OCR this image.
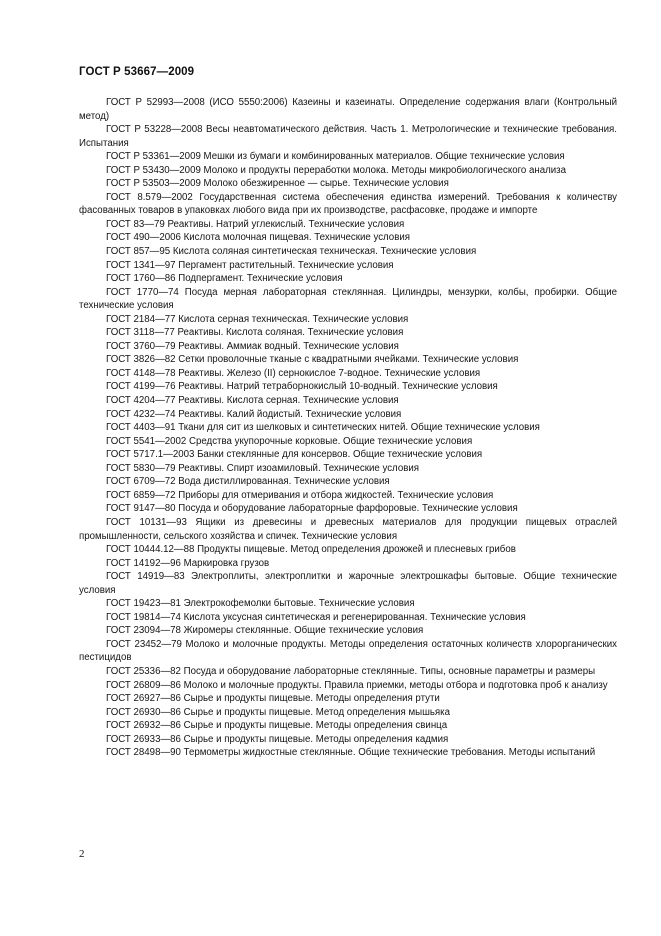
ГОСТ Р 53667—2009

ГОСТ Р 52993—2008 (ИСО 5550:2006) Казеины и казеинаты. Определение содержания влаги (Контрольный метод)

ГОСТ Р 53228—2008 Весы неавтоматического действия. Часть 1. Метрологические и технические требования. Испытания

ГОСТ Р 53361—2009 Мешки из бумаги и комбинированных материалов. Общие технические условия

ГОСТ Р 53430—2009 Молоко и продукты переработки молока. Методы микробиологического анализа

ГОСТ Р 53503—2009 Молоко обезжиренное — сырье. Технические условия

ГОСТ 8.579—2002 Государственная система обеспечения единства измерений. Требования к количеству фасованных товаров в упаковках любого вида при их производстве, расфасовке, продаже и импорте

ГОСТ 83—79 Реактивы. Натрий углекислый. Технические условия

ГОСТ 490—2006 Кислота молочная пищевая. Технические условия

ГОСТ 857—95 Кислота соляная синтетическая техническая. Технические условия

ГОСТ 1341—97 Пергамент растительный. Технические условия

ГОСТ 1760—86 Подпергамент. Технические условия

ГОСТ 1770—74 Посуда мерная лабораторная стеклянная. Цилиндры, мензурки, колбы, пробирки. Общие технические условия

ГОСТ 2184—77 Кислота серная техническая. Технические условия

ГОСТ 3118—77 Реактивы. Кислота соляная. Технические условия

ГОСТ 3760—79 Реактивы. Аммиак водный. Технические условия

ГОСТ 3826—82 Сетки проволочные тканые с квадратными ячейками. Технические условия

ГОСТ 4148—78 Реактивы. Железо (II) сернокислое 7-водное. Технические условия

ГОСТ 4199—76 Реактивы. Натрий тетраборнокислый 10-водный. Технические условия

ГОСТ 4204—77 Реактивы. Кислота серная. Технические условия

ГОСТ 4232—74 Реактивы. Калий йодистый. Технические условия

ГОСТ 4403—91 Ткани для сит из шелковых и синтетических нитей. Общие технические условия

ГОСТ 5541—2002 Средства укупорочные корковые. Общие технические условия

ГОСТ 5717.1—2003 Банки стеклянные для консервов. Общие технические условия

ГОСТ 5830—79 Реактивы. Спирт изоамиловый. Технические условия

ГОСТ 6709—72 Вода дистиллированная. Технические условия

ГОСТ 6859—72 Приборы для отмеривания и отбора жидкостей. Технические условия

ГОСТ 9147—80 Посуда и оборудование лабораторные фарфоровые. Технические условия

ГОСТ 10131—93 Ящики из древесины и древесных материалов для продукции пищевых отраслей промышленности, сельского хозяйства и спичек. Технические условия

ГОСТ 10444.12—88 Продукты пищевые. Метод определения дрожжей и плесневых грибов

ГОСТ 14192—96 Маркировка грузов

ГОСТ 14919—83 Электроплиты, электроплитки и жарочные электрошкафы бытовые. Общие технические условия

ГОСТ 19423—81 Электрокофемолки бытовые. Технические условия

ГОСТ 19814—74 Кислота уксусная синтетическая и регенерированная. Технические условия

ГОСТ 23094—78 Жиромеры стеклянные. Общие технические условия

ГОСТ 23452—79 Молоко и молочные продукты. Методы определения остаточных количеств хлорорганических пестицидов

ГОСТ 25336—82 Посуда и оборудование лабораторные стеклянные. Типы, основные параметры и размеры

ГОСТ 26809—86 Молоко и молочные продукты. Правила приемки, методы отбора и подготовка проб к анализу

ГОСТ 26927—86 Сырье и продукты пищевые. Методы определения ртути

ГОСТ 26930—86 Сырье и продукты пищевые. Метод определения мышьяка

ГОСТ 26932—86 Сырье и продукты пищевые. Методы определения свинца

ГОСТ 26933—86 Сырье и продукты пищевые. Методы определения кадмия

ГОСТ 28498—90 Термометры жидкостные стеклянные. Общие технические требования. Методы испытаний

2
